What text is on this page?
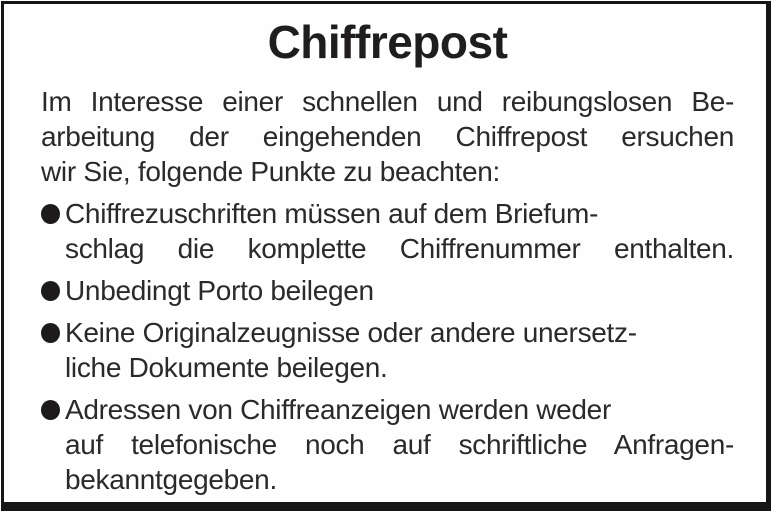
Chiffrepost

Im Interesse einer schnellen und reibungslosen Be-
arbeitung der eingehenden Chiffrepost ersuchen
wir Sie, folgende Punkte zu beachten:

Chiffrezuschriften müssen auf dem Briefum-
schlag die komplette Chiffrenummer enthalten.
Unbedingt Porto beilegen
Keine Originalzeugnisse oder andere unersetz-
liche Dokumente beilegen.
Adressen von Chiffreanzeigen werden weder
auf telefonische noch auf schriftliche Anfragen-
bekanntgegeben.
